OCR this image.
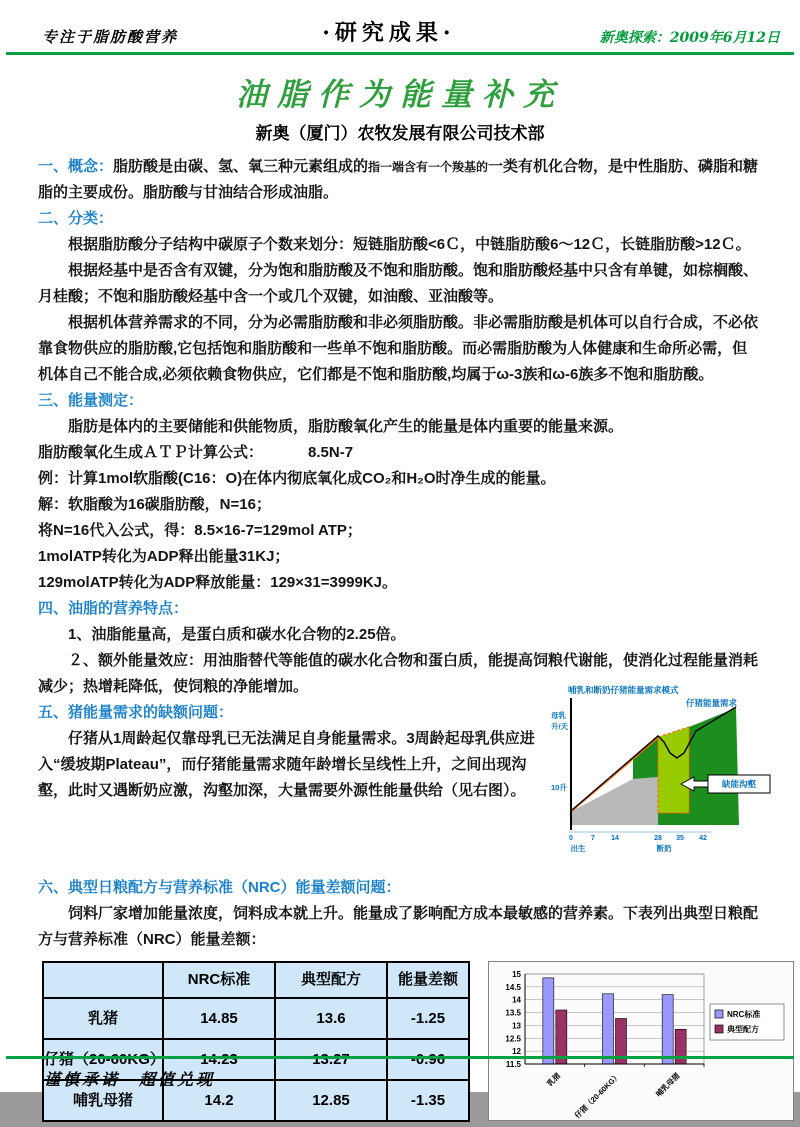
专注于脂肪酸营养	·研究成果·	新奥探索：2009年6月12日
油脂作为能量补充
新奥（厦门）农牧发展有限公司技术部

一、概念：脂肪酸是由碳、氢、氧三种元素组成的指一端含有一个羧基的一类有机化合物，是中性脂肪、磷脂和糖脂的主要成份。脂肪酸与甘油结合形成油脂。

二、分类：

根据脂肪酸分子结构中碳原子个数来划分：短链脂肪酸<6Ｃ，中链脂肪酸6～12Ｃ，长链脂肪酸>12Ｃ。

根据烃基中是否含有双键，分为饱和脂肪酸及不饱和脂肪酸。饱和脂肪酸烃基中只含有单键，如棕榈酸、月桂酸；不饱和脂肪酸烃基中含一个或几个双键，如油酸、亚油酸等。

根据机体营养需求的不同，分为必需脂肪酸和非必须脂肪酸。非必需脂肪酸是机体可以自行合成，不必依靠食物供应的脂肪酸,它包括饱和脂肪酸和一些单不饱和脂肪酸。而必需脂肪酸为人体健康和生命所必需，但机体自己不能合成,必须依赖食物供应，它们都是不饱和脂肪酸,均属于ω-3族和ω-6族多不饱和脂肪酸。

三、能量测定：

脂肪是体内的主要储能和供能物质，脂肪酸氧化产生的能量是体内重要的能量来源。

脂肪酸氧化生成ＡＴＰ计算公式：	8.5N-7

例：计算1mol软脂酸(C16：O)在体内彻底氧化成CO₂和H₂O时净生成的能量。

解：软脂酸为16碳脂肪酸，N=16；

将N=16代入公式，得：8.5×16-7=129mol ATP；

1molATP转化为ADP释出能量31KJ；

129molATP转化为ADP释放能量：129×31=3999KJ。

四、油脂的营养特点：

1、油脂能量高，是蛋白质和碳水化合物的2.25倍。

２、额外能量效应：用油脂替代等能值的碳水化合物和蛋白质，能提高饲粮代谢能，使消化过程能量消耗减少；热增耗降低，使饲粮的净能增加。	哺乳和断奶仔猪能量需求模式
仔猪能量需求
母乳
升/天
10升	缺能沟壑
0	7 14	28 35 42
出生	断奶

五、猪能量需求的缺额问题：

仔猪从1周龄起仅靠母乳已无法满足自身能量需求。3周龄起母乳供应进入“缓坡期Plateau”，而仔猪能量需求随年龄增长呈线性上升，之间出现沟壑，此时又遇断奶应激，沟壑加深，大量需要外源性能量供给（见右图）。

六、典型日粮配方与营养标准（NRC）能量差额问题：

饲料厂家增加能量浓度，饲料成本就上升。能量成了影响配方成本最敏感的营养素。下表列出典型日粮配方与营养标准（NRC）能量差额：

	NRC标准	典型配方	能量差额
乳猪	14.85	13.6	-1.25
仔猪（20-60KG）	14.23	13.27	-0.96
哺乳母猪	14.2	12.85	-1.35
11.5
12
12.5
13
13.5
14
14.5
15
乳猪 仔猪（20-60KG）	哺乳母猪
NRC标准
典型配方
谨慎承诺　超值兑现
